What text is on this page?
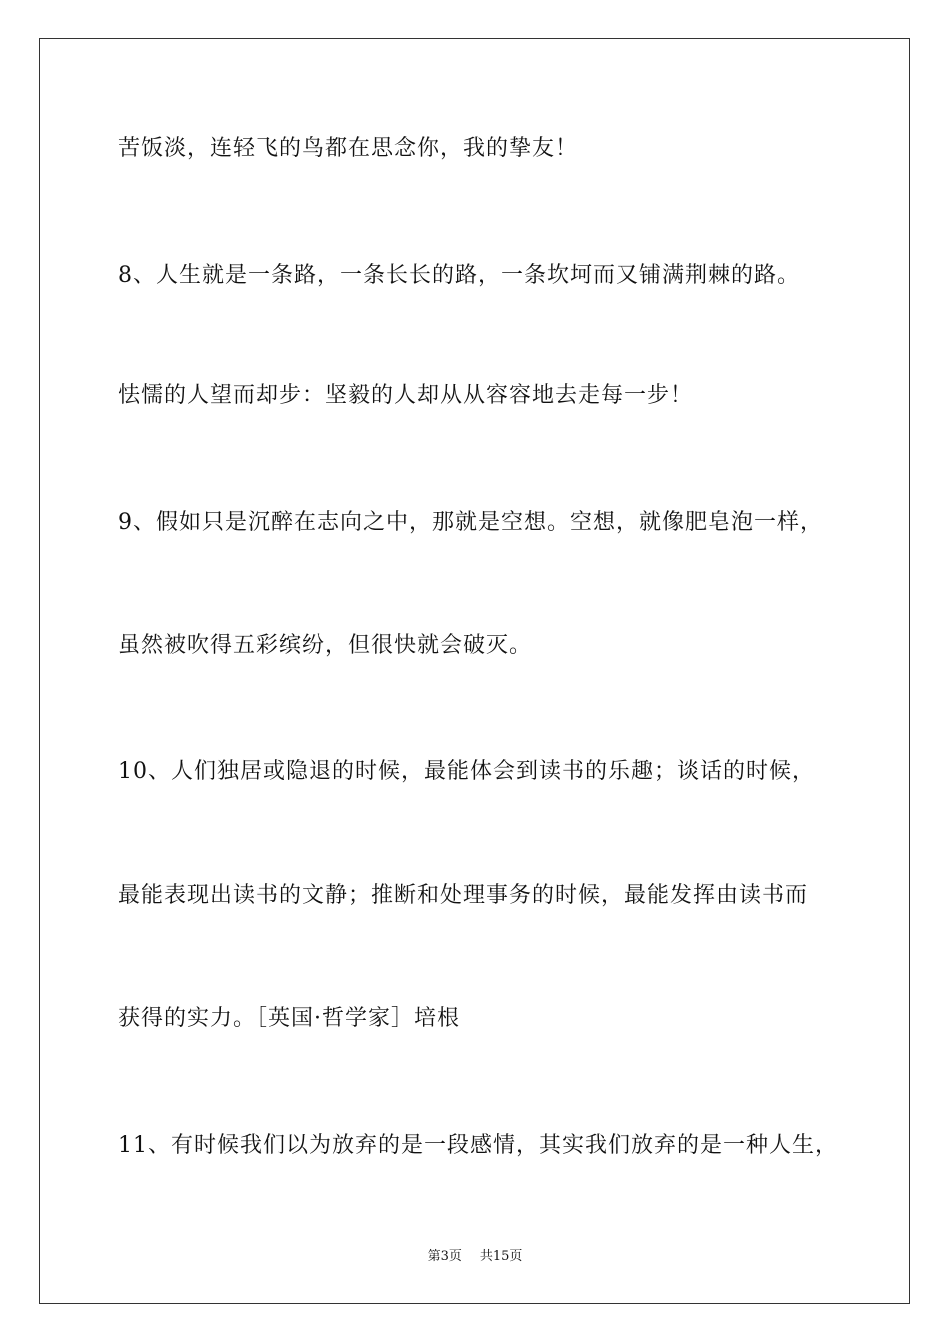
苦饭淡，连轻飞的鸟都在思念你，我的挚友！
8、人生就是一条路，一条长长的路，一条坎坷而又铺满荆棘的路。
怯懦的人望而却步：坚毅的人却从从容容地去走每一步！
9、假如只是沉醉在志向之中，那就是空想。空想，就像肥皂泡一样，
虽然被吹得五彩缤纷，但很快就会破灭。
10、人们独居或隐退的时候，最能体会到读书的乐趣；谈话的时候，
最能表现出读书的文静；推断和处理事务的时候，最能发挥由读书而
获得的实力。［英国·哲学家］培根
11、有时候我们以为放弃的是一段感情，其实我们放弃的是一种人生，
第3页 共15页
